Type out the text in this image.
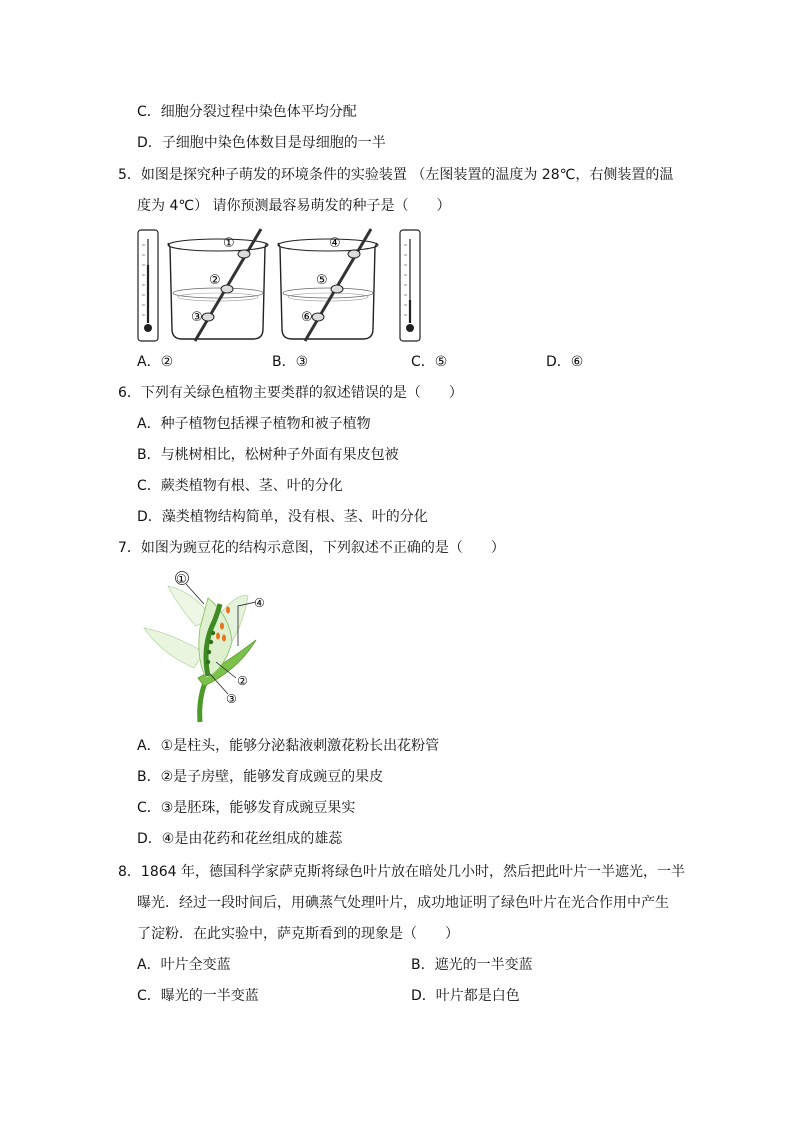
C．细胞分裂过程中染色体平均分配
D．子细胞中染色体数目是母细胞的一半
5．如图是探究种子萌发的环境条件的实验装置 （左图装置的温度为 28℃，右侧装置的温
度为 4℃） 请你预测最容易萌发的种子是（　　）
①
②
③
④
⑤
⑥
A．②	B．③	C．⑤	D．⑥
6．下列有关绿色植物主要类群的叙述错误的是（　　）
A．种子植物包括裸子植物和被子植物
B．与桃树相比，松树种子外面有果皮包被
C．蕨类植物有根、茎、叶的分化
D．藻类植物结构简单，没有根、茎、叶的分化
7．如图为豌豆花的结构示意图，下列叙述不正确的是（　　）
①
④
②
③
A．①是柱头，能够分泌黏液刺激花粉长出花粉管
B．②是子房壁，能够发育成豌豆的果皮
C．③是胚珠，能够发育成豌豆果实
D．④是由花药和花丝组成的雄蕊
8．1864 年，德国科学家萨克斯将绿色叶片放在暗处几小时，然后把此叶片一半遮光，一半
曝光．经过一段时间后，用碘蒸气处理叶片，成功地证明了绿色叶片在光合作用中产生
了淀粉．在此实验中，萨克斯看到的现象是（　　）
A．叶片全变蓝	B．遮光的一半变蓝
C．曝光的一半变蓝	D．叶片都是白色
